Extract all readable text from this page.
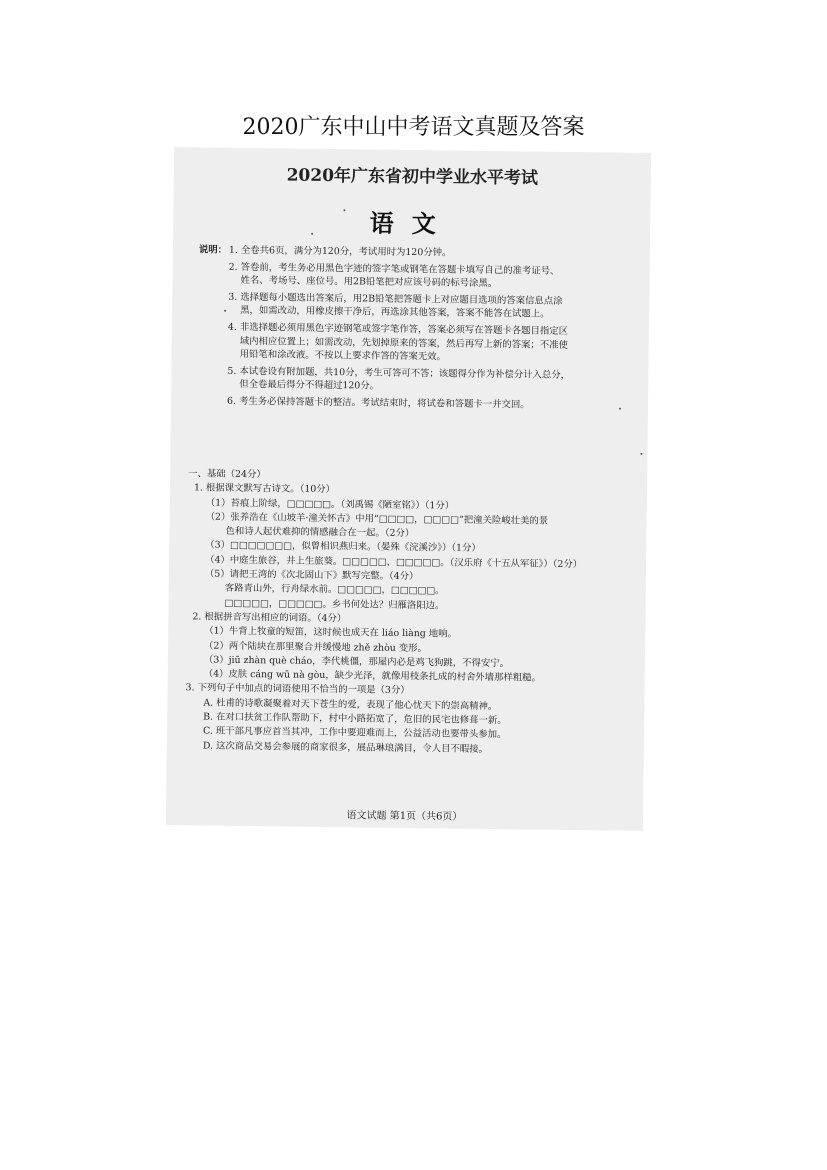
2020广东中山中考语文真题及答案
2020年广东省初中学业水平考试
语文
说明： 1. 全卷共6页，满分为120分，考试用时为120分钟。
2. 答卷前，考生务必用黑色字迹的签字笔或钢笔在答题卡填写自己的准考证号、
姓名、考场号、座位号。用2B铅笔把对应该号码的标号涂黑。
3. 选择题每小题选出答案后，用2B铅笔把答题卡上对应题目选项的答案信息点涂
黑，如需改动，用橡皮擦干净后，再选涂其他答案，答案不能答在试题上。
4. 非选择题必须用黑色字迹钢笔或签字笔作答，答案必须写在答题卡各题目指定区
域内相应位置上；如需改动，先划掉原来的答案，然后再写上新的答案；不准使
用铅笔和涂改液。不按以上要求作答的答案无效。
5. 本试卷设有附加题，共10分，考生可答可不答；该题得分作为补偿分计入总分，
但全卷最后得分不得超过120分。
6. 考生务必保持答题卡的整洁。考试结束时，将试卷和答题卡一并交回。
一、基础（24分）
1. 根据课文默写古诗文。（10分）
（1）苔痕上阶绿，□□□□□。（刘禹锡《陋室铭》）（1分）
（2）张养浩在《山坡羊·潼关怀古》中用“□□□□，□□□□”把潼关险峻壮美的景
色和诗人起伏难抑的情感融合在一起。（2分）
（3）□□□□□□□，似曾相识燕归来。（晏殊《浣溪沙》）（1分）
（4）中庭生旅谷，井上生旅葵。□□□□□，□□□□□。（汉乐府《十五从军征》）（2分）
（5）请把王湾的《次北固山下》默写完整。（4分）
客路青山外，行舟绿水前。□□□□□，□□□□□。
□□□□□，□□□□□。乡书何处达？归雁洛阳边。
2. 根据拼音写出相应的词语。（4分）
（1）牛背上牧童的短笛，这时候也成天在 liáo liàng 地响。
（2）两个陆块在那里聚合并缓慢地 zhě zhòu 变形。
（3）jiū zhàn què cháo，李代桃僵，那屋内必是鸡飞狗跳，不得安宁。
（4）皮肤 cáng wū nà gòu，缺少光泽，就像用枝条扎成的村舍外墙那样粗糙。
3. 下列句子中加点的词语使用不恰当的一项是（3分）
A. 杜甫的诗歌凝聚着对天下苍生的爱，表现了他心忧天下的崇高精神。
B. 在对口扶贫工作队帮助下，村中小路拓宽了，危旧的民宅也修葺一新。
C. 班干部凡事应首当其冲，工作中要迎难而上，公益活动也要带头参加。
D. 这次商品交易会参展的商家很多，展品琳琅满目，令人目不暇接。
语文试题 第1页（共6页）
